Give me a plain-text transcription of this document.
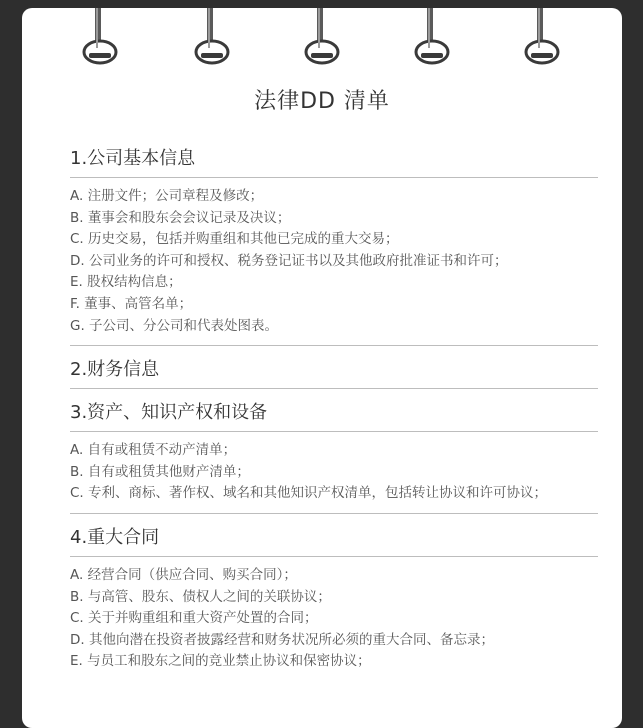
法律DD 清单
1.公司基本信息
A. 注册文件；公司章程及修改；
B. 董事会和股东会会议记录及决议；
C. 历史交易，包括并购重组和其他已完成的重大交易；
D. 公司业务的许可和授权、税务登记证书以及其他政府批准证书和许可；
E. 股权结构信息；
F. 董事、高管名单；
G. 子公司、分公司和代表处图表。
2.财务信息
3.资产、知识产权和设备
A. 自有或租赁不动产清单；
B. 自有或租赁其他财产清单；
C. 专利、商标、著作权、域名和其他知识产权清单，包括转让协议和许可协议；
4.重大合同
A. 经营合同（供应合同、购买合同）；
B. 与高管、股东、债权人之间的关联协议；
C. 关于并购重组和重大资产处置的合同；
D. 其他向潜在投资者披露经营和财务状况所必须的重大合同、备忘录；
E. 与员工和股东之间的竞业禁止协议和保密协议；
